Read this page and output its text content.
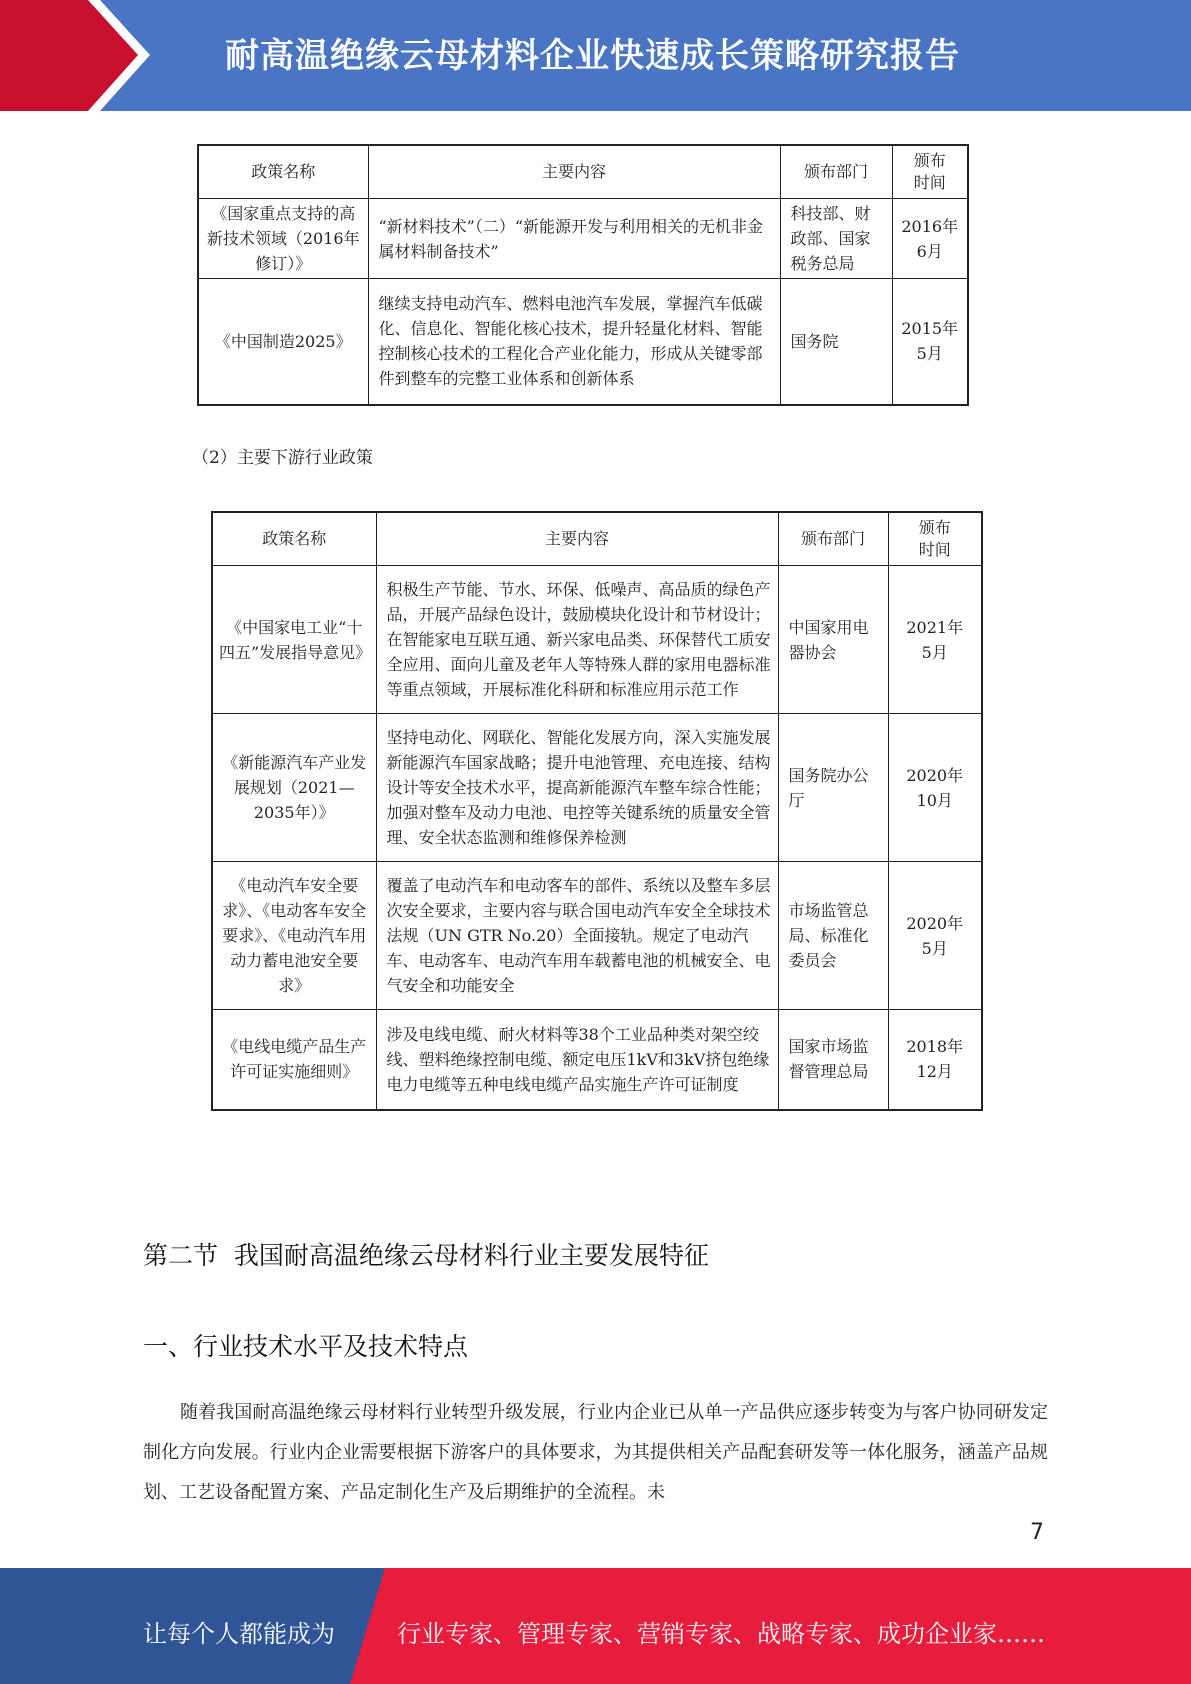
耐高温绝缘云母材料企业快速成长策略研究报告
政策名称	主要内容	颁布部门	颁布
时间
《国家重点支持的高新技术领域（2016年修订）》	“新材料技术”（二）“新能源开发与利用相关的无机非金属材料制备技术”	科技部、财政部、国家税务总局	2016年
6月
《中国制造2025》	继续支持电动汽车、燃料电池汽车发展，掌握汽车低碳化、信息化、智能化核心技术，提升轻量化材料、智能控制核心技术的工程化合产业化能力，形成从关键零部件到整车的完整工业体系和创新体系	国务院	2015年
5月
（2）主要下游行业政策
政策名称	主要内容	颁布部门	颁布
时间
《中国家电工业“十四五”发展指导意见》	积极生产节能、节水、环保、低噪声、高品质的绿色产品，开展产品绿色设计，鼓励模块化设计和节材设计；在智能家电互联互通、新兴家电品类、环保替代工质安全应用、面向儿童及老年人等特殊人群的家用电器标准等重点领域，开展标准化科研和标准应用示范工作	中国家用电器协会	2021年
5月
《新能源汽车产业发展规划（2021—2035年）》	坚持电动化、网联化、智能化发展方向，深入实施发展新能源汽车国家战略；提升电池管理、充电连接、结构设计等安全技术水平，提高新能源汽车整车综合性能；加强对整车及动力电池、电控等关键系统的质量安全管理、安全状态监测和维修保养检测	国务院办公厅	2020年
10月
《电动汽车安全要求》、《电动客车安全要求》、《电动汽车用动力蓄电池安全要求》	覆盖了电动汽车和电动客车的部件、系统以及整车多层次安全要求，主要内容与联合国电动汽车安全全球技术法规（UN GTR No.20）全面接轨。规定了电动汽车、电动客车、电动汽车用车载蓄电池的机械安全、电气安全和功能安全	市场监管总局、标准化委员会	2020年
5月
《电线电缆产品生产许可证实施细则》	涉及电线电缆、耐火材料等38个工业品种类对架空绞线、塑料绝缘控制电缆、额定电压1kV和3kV挤包绝缘电力电缆等五种电线电缆产品实施生产许可证制度	国家市场监督管理总局	2018年
12月
第二节  我国耐高温绝缘云母材料行业主要发展特征
一、行业技术水平及技术特点
随着我国耐高温绝缘云母材料行业转型升级发展，行业内企业已从单一产品供应逐步转变为与客户协同研发定制化方向发展。行业内企业需要根据下游客户的具体要求，为其提供相关产品配套研发等一体化服务，涵盖产品规划、工艺设备配置方案、产品定制化生产及后期维护的全流程。未
7
让每个人都能成为	行业专家、管理专家、营销专家、战略专家、成功企业家……
